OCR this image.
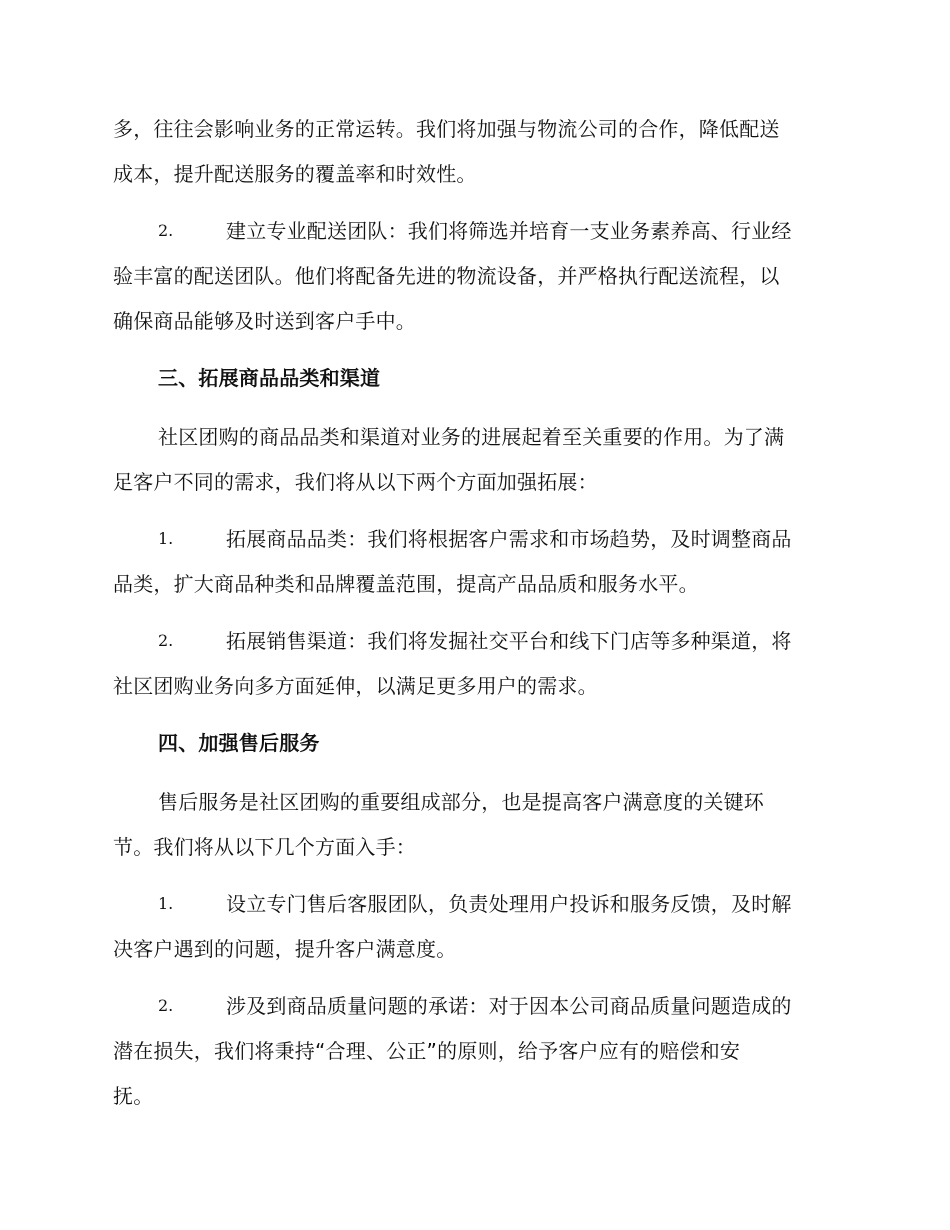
多，往往会影响业务的正常运转。我们将加强与物流公司的合作，降低配送
成本，提升配送服务的覆盖率和时效性。
2.	建立专业配送团队：我们将筛选并培育一支业务素养高、行业经
验丰富的配送团队。他们将配备先进的物流设备，并严格执行配送流程，以
确保商品能够及时送到客户手中。
三、拓展商品品类和渠道
社区团购的商品品类和渠道对业务的进展起着至关重要的作用。为了满
足客户不同的需求，我们将从以下两个方面加强拓展：
1.	拓展商品品类：我们将根据客户需求和市场趋势，及时调整商品
品类，扩大商品种类和品牌覆盖范围，提高产品品质和服务水平。
2.	拓展销售渠道：我们将发掘社交平台和线下门店等多种渠道，将
社区团购业务向多方面延伸，以满足更多用户的需求。
四、加强售后服务
售后服务是社区团购的重要组成部分，也是提高客户满意度的关键环
节。我们将从以下几个方面入手：
1.	设立专门售后客服团队，负责处理用户投诉和服务反馈，及时解
决客户遇到的问题，提升客户满意度。
2.	涉及到商品质量问题的承诺：对于因本公司商品质量问题造成的
潜在损失，我们将秉持“合理、公正”的原则，给予客户应有的赔偿和安
抚。
